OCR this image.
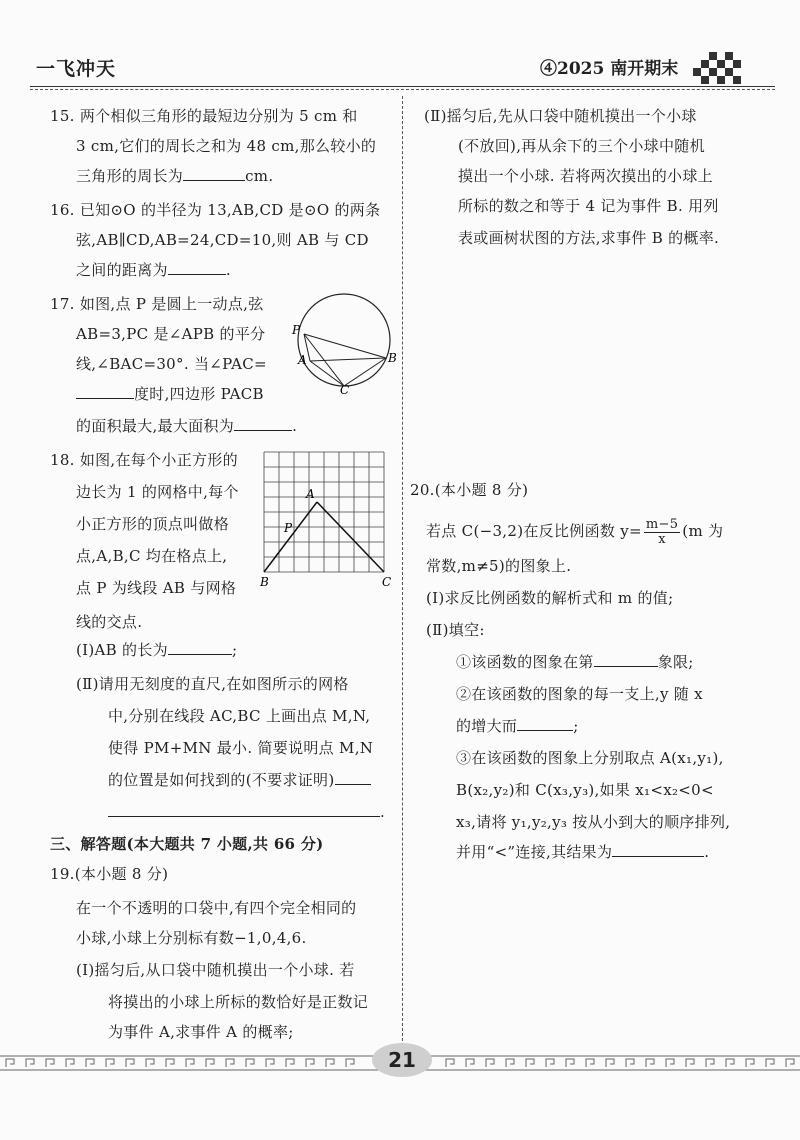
一飞冲天	④2025 南开期末
15. 两个相似三角形的最短边分别为 5 cm 和
3 cm,它们的周长之和为 48 cm,那么较小的
三角形的周长为	cm.
16. 已知⊙O 的半径为 13,AB,CD 是⊙O 的两条
弦,AB∥CD,AB=24,CD=10,则 AB 与 CD
之间的距离为	.
17. 如图,点 P 是圆上一动点,弦
AB=3,PC 是∠APB 的平分
线,∠BAC=30°. 当∠PAC=
度时,四边形 PACB
的面积最大,最大面积为	.
P
A	B
C
18. 如图,在每个小正方形的
边长为 1 的网格中,每个
小正方形的顶点叫做格
点,A,B,C 均在格点上,
点 P 为线段 AB 与网格
线的交点.
A
P
B	C
(Ⅰ)AB 的长为	;
(Ⅱ)请用无刻度的直尺,在如图所示的网格
中,分别在线段 AC,BC 上画出点 M,N,
使得 PM+MN 最小. 简要说明点 M,N
的位置是如何找到的(不要求证明)
.
三、解答题(本大题共 7 小题,共 66 分)
19.(本小题 8 分)
在一个不透明的口袋中,有四个完全相同的
小球,小球上分别标有数−1,0,4,6.
(Ⅰ)摇匀后,从口袋中随机摸出一个小球. 若
将摸出的小球上所标的数恰好是正数记
为事件 A,求事件 A 的概率;
(Ⅱ)摇匀后,先从口袋中随机摸出一个小球
(不放回),再从余下的三个小球中随机
摸出一个小球. 若将两次摸出的小球上
所标的数之和等于 4 记为事件 B. 用列
表或画树状图的方法,求事件 B 的概率.
20.(本小题 8 分)
若点 C(−3,2)在反比例函数 $y= \frac{m-5}{x} (m$ 为
常数,m≠5)的图象上.
(Ⅰ)求反比例函数的解析式和 m 的值;
(Ⅱ)填空:
①该函数的图象在第	象限;
②在该函数的图象的每一支上,y 随 x
的增大而	;
③在该函数的图象上分别取点 A(x₁,y₁),
B(x₂,y₂)和 C(x₃,y₃),如果 x₁<x₂<0<
x₃,请将 y₁,y₂,y₃ 按从小到大的顺序排列,
并用“<”连接,其结果为	.
21
